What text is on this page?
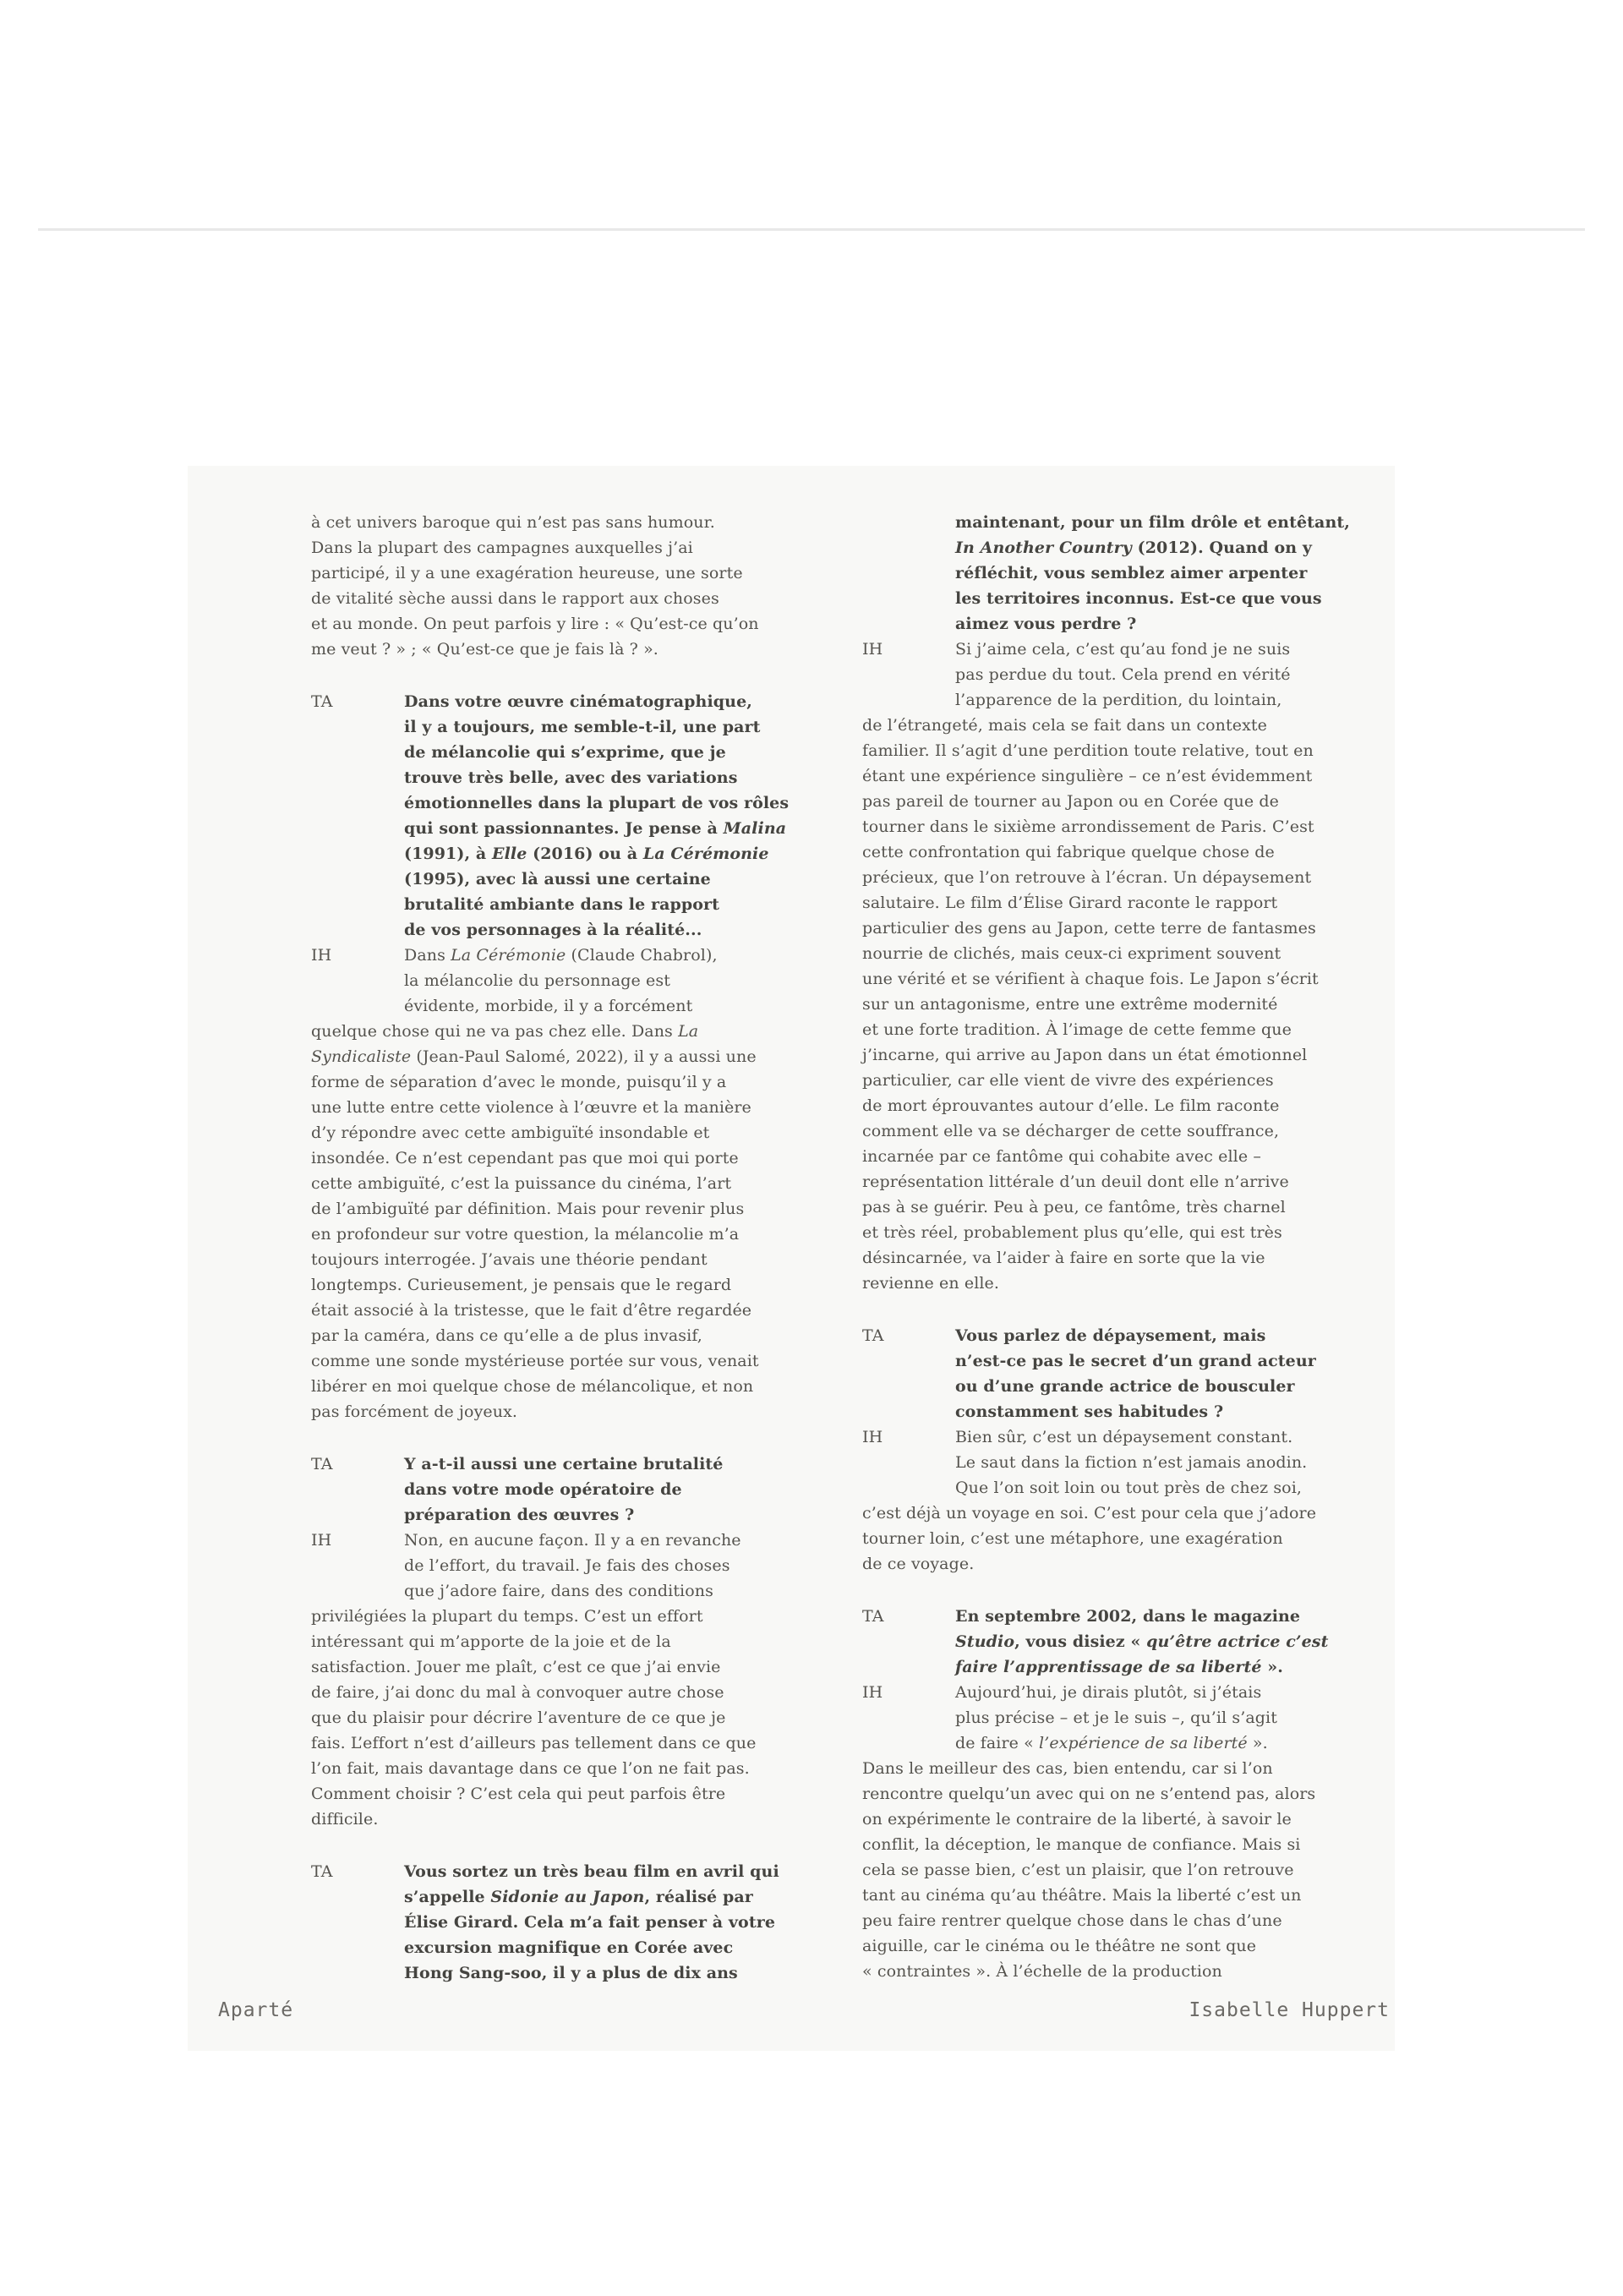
à cet univers baroque qui n’est pas sans humour.
Dans la plupart des campagnes auxquelles j’ai
participé, il y a une exagération heureuse, une sorte
de vitalité sèche aussi dans le rapport aux choses
et au monde. On peut parfois y lire : « Qu’est-ce qu’on
me veut ? » ; « Qu’est-ce que je fais là ? ».
TA	Dans votre œuvre cinématographique,
il y a toujours, me semble-t-il, une part
de mélancolie qui s’exprime, que je
trouve très belle, avec des variations
émotionnelles dans la plupart de vos rôles
qui sont passionnantes. Je pense à Malina
(1991), à Elle (2016) ou à La Cérémonie
(1995), avec là aussi une certaine
brutalité ambiante dans le rapport
de vos personnages à la réalité...
IH	Dans La Cérémonie (Claude Chabrol),
la mélancolie du personnage est
évidente, morbide, il y a forcément
quelque chose qui ne va pas chez elle. Dans La
Syndicaliste (Jean-Paul Salomé, 2022), il y a aussi une
forme de séparation d’avec le monde, puisqu’il y a
une lutte entre cette violence à l’œuvre et la manière
d’y répondre avec cette ambiguïté insondable et
insondée. Ce n’est cependant pas que moi qui porte
cette ambiguïté, c’est la puissance du cinéma, l’art
de l’ambiguïté par définition. Mais pour revenir plus
en profondeur sur votre question, la mélancolie m’a
toujours interrogée. J’avais une théorie pendant
longtemps. Curieusement, je pensais que le regard
était associé à la tristesse, que le fait d’être regardée
par la caméra, dans ce qu’elle a de plus invasif,
comme une sonde mystérieuse portée sur vous, venait
libérer en moi quelque chose de mélancolique, et non
pas forcément de joyeux.
TA	Y a-t-il aussi une certaine brutalité
dans votre mode opératoire de
préparation des œuvres ?
IH	Non, en aucune façon. Il y a en revanche
de l’effort, du travail. Je fais des choses
que j’adore faire, dans des conditions
privilégiées la plupart du temps. C’est un effort
intéressant qui m’apporte de la joie et de la
satisfaction. Jouer me plaît, c’est ce que j’ai envie
de faire, j’ai donc du mal à convoquer autre chose
que du plaisir pour décrire l’aventure de ce que je
fais. L’effort n’est d’ailleurs pas tellement dans ce que
l’on fait, mais davantage dans ce que l’on ne fait pas.
Comment choisir ? C’est cela qui peut parfois être
difficile.
TA	Vous sortez un très beau film en avril qui
s’appelle Sidonie au Japon, réalisé par
Élise Girard. Cela m’a fait penser à votre
excursion magnifique en Corée avec
Hong Sang-soo, il y a plus de dix ans
maintenant, pour un film drôle et entêtant,
In Another Country (2012). Quand on y
réfléchit, vous semblez aimer arpenter
les territoires inconnus. Est-ce que vous
aimez vous perdre ?
IH	Si j’aime cela, c’est qu’au fond je ne suis
pas perdue du tout. Cela prend en vérité
l’apparence de la perdition, du lointain,
de l’étrangeté, mais cela se fait dans un contexte
familier. Il s’agit d’une perdition toute relative, tout en
étant une expérience singulière – ce n’est évidemment
pas pareil de tourner au Japon ou en Corée que de
tourner dans le sixième arrondissement de Paris. C’est
cette confrontation qui fabrique quelque chose de
précieux, que l’on retrouve à l’écran. Un dépaysement
salutaire. Le film d’Élise Girard raconte le rapport
particulier des gens au Japon, cette terre de fantasmes
nourrie de clichés, mais ceux-ci expriment souvent
une vérité et se vérifient à chaque fois. Le Japon s’écrit
sur un antagonisme, entre une extrême modernité
et une forte tradition. À l’image de cette femme que
j’incarne, qui arrive au Japon dans un état émotionnel
particulier, car elle vient de vivre des expériences
de mort éprouvantes autour d’elle. Le film raconte
comment elle va se décharger de cette souffrance,
incarnée par ce fantôme qui cohabite avec elle –
représentation littérale d’un deuil dont elle n’arrive
pas à se guérir. Peu à peu, ce fantôme, très charnel
et très réel, probablement plus qu’elle, qui est très
désincarnée, va l’aider à faire en sorte que la vie
revienne en elle.
TA	Vous parlez de dépaysement, mais
n’est-ce pas le secret d’un grand acteur
ou d’une grande actrice de bousculer
constamment ses habitudes ?
IH	Bien sûr, c’est un dépaysement constant.
Le saut dans la fiction n’est jamais anodin.
Que l’on soit loin ou tout près de chez soi,
c’est déjà un voyage en soi. C’est pour cela que j’adore
tourner loin, c’est une métaphore, une exagération
de ce voyage.
TA	En septembre 2002, dans le magazine
Studio, vous disiez « qu’être actrice c’est
faire l’apprentissage de sa liberté ».
IH	Aujourd’hui, je dirais plutôt, si j’étais
plus précise – et je le suis –, qu’il s’agit
de faire « l’expérience de sa liberté ».
Dans le meilleur des cas, bien entendu, car si l’on
rencontre quelqu’un avec qui on ne s’entend pas, alors
on expérimente le contraire de la liberté, à savoir le
conflit, la déception, le manque de confiance. Mais si
cela se passe bien, c’est un plaisir, que l’on retrouve
tant au cinéma qu’au théâtre. Mais la liberté c’est un
peu faire rentrer quelque chose dans le chas d’une
aiguille, car le cinéma ou le théâtre ne sont que
« contraintes ». À l’échelle de la production
Aparté	Isabelle Huppert
